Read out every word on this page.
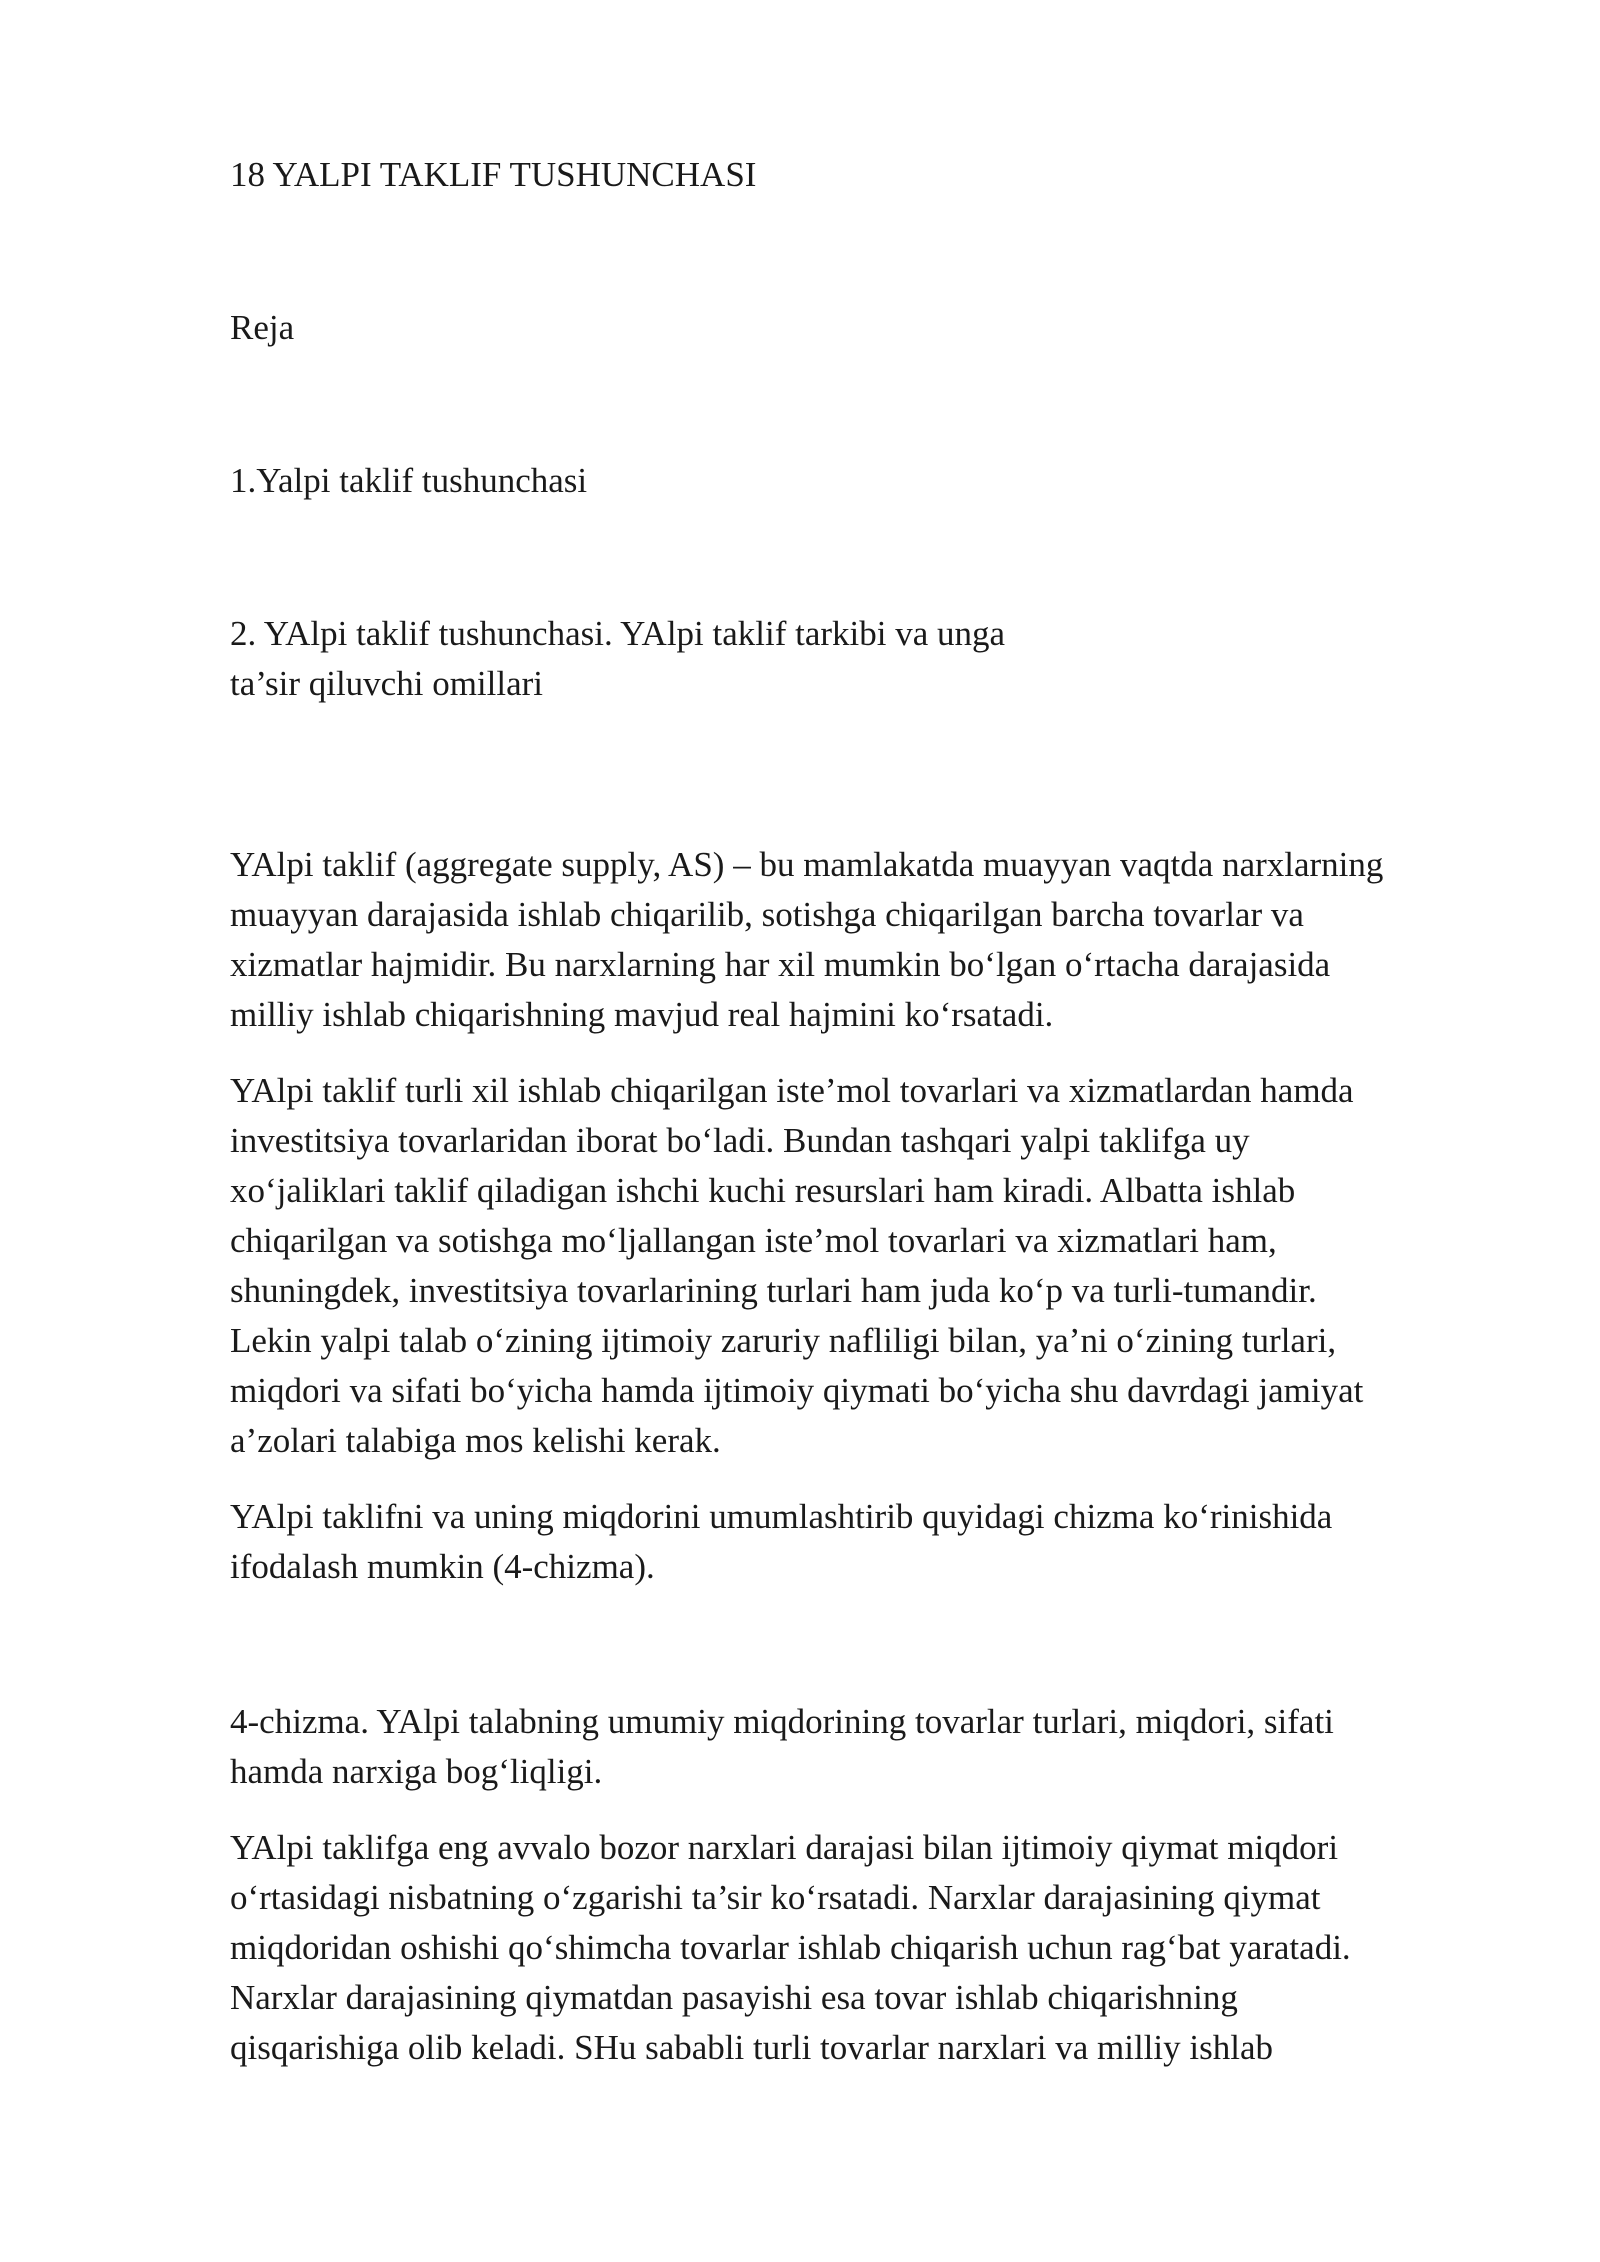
18 YALPI TAKLIF TUSHUNCHASI

Reja

1.Yalpi taklif tushunchasi

2. YAlpi taklif tushunchasi. YAlpi taklif tarkibi va unga
ta’sir qiluvchi omillari

YAlpi taklif (aggregate supply, AS) – bu mamlakatda muayyan vaqtda narxlarning
muayyan darajasida ishlab chiqarilib, sotishga chiqarilgan barcha tovarlar va
xizmatlar hajmidir. Bu narxlarning har xil mumkin bo‘lgan o‘rtacha darajasida
milliy ishlab chiqarishning mavjud real hajmini ko‘rsatadi.

YAlpi taklif turli xil ishlab chiqarilgan iste’mol tovarlari va xizmatlardan hamda
investitsiya tovarlaridan iborat bo‘ladi. Bundan tashqari yalpi taklifga uy
xo‘jaliklari taklif qiladigan ishchi kuchi resurslari ham kiradi. Albatta ishlab
chiqarilgan va sotishga mo‘ljallangan iste’mol tovarlari va xizmatlari ham,
shuningdek, investitsiya tovarlarining turlari ham juda ko‘p va turli-tumandir.
Lekin yalpi talab o‘zining ijtimoiy zaruriy nafliligi bilan, ya’ni o‘zining turlari,
miqdori va sifati bo‘yicha hamda ijtimoiy qiymati bo‘yicha shu davrdagi jamiyat
a’zolari talabiga mos kelishi kerak.

YAlpi taklifni va uning miqdorini umumlashtirib quyidagi chizma ko‘rinishida
ifodalash mumkin (4-chizma).

4-chizma. YAlpi talabning umumiy miqdorining tovarlar turlari, miqdori, sifati
hamda narxiga bog‘liqligi.

YAlpi taklifga eng avvalo bozor narxlari darajasi bilan ijtimoiy qiymat miqdori
o‘rtasidagi nisbatning o‘zgarishi ta’sir ko‘rsatadi. Narxlar darajasining qiymat
miqdoridan oshishi qo‘shimcha tovarlar ishlab chiqarish uchun rag‘bat yaratadi.
Narxlar darajasining qiymatdan pasayishi esa tovar ishlab chiqarishning
qisqarishiga olib keladi. SHu sababli turli tovarlar narxlari va milliy ishlab
